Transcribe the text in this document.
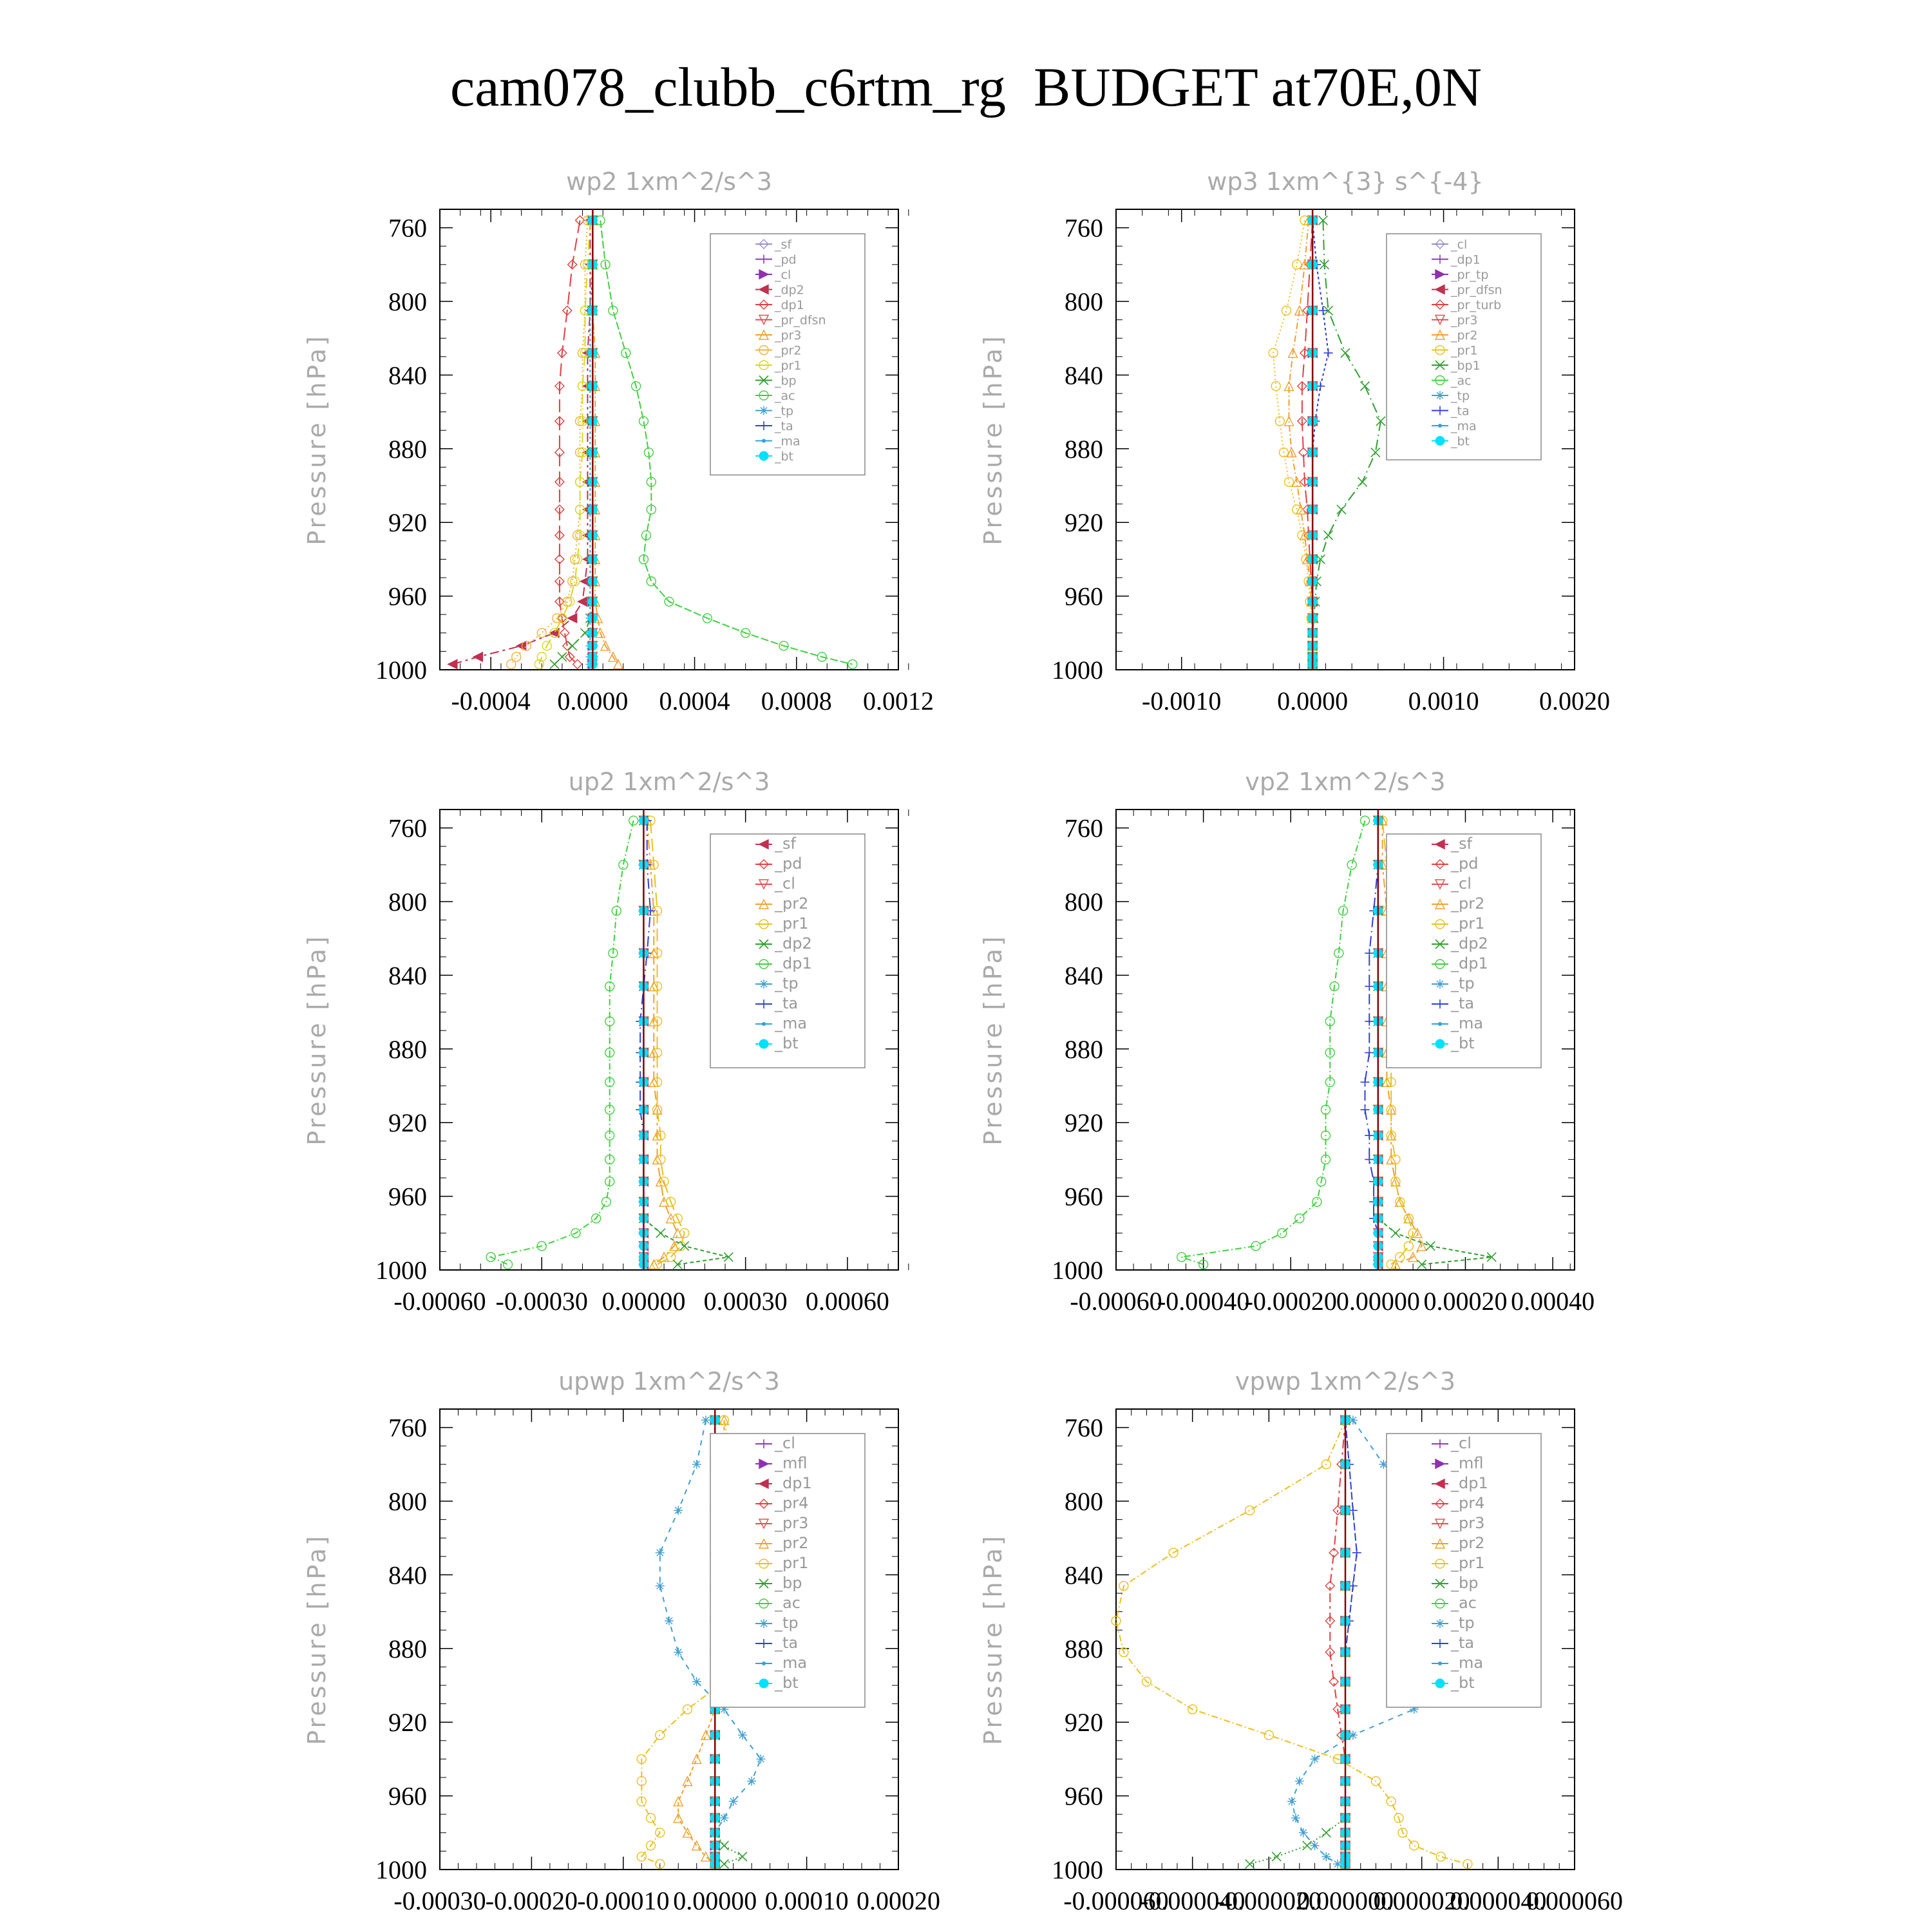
cam078_clubb_c6rtm_rg  BUDGET at70E,0N
wp2 1xm^2/s^3
Pressure [hPa]
760
800
840
880
920
960
1000
-0.0004 0.0000 0.0004 0.0008 0.0012
_sf
_pd
_cl
_dp2
_dp1
_pr_dfsn
_pr3
_pr2
_pr1
_bp
_ac
_tp
_ta
_ma
_bt
wp3 1xm^{3} s^{-4}
Pressure [hPa]
760
800
840
880
920
960
1000
-0.0010 0.0000 0.0010 0.0020
_cl
_dp1
_pr_tp
_pr_dfsn
_pr_turb
_pr3
_pr2
_pr1
_bp1
_ac
_tp
_ta
_ma
_bt
up2 1xm^2/s^3
Pressure [hPa]
760
800
840
880
920
960
1000
-0.00060 -0.00030 0.00000 0.00030 0.00060
_sf
_pd
_cl
_pr2
_pr1
_dp2
_dp1
_tp
_ta
_ma
_bt
vp2 1xm^2/s^3
Pressure [hPa]
760
800
840
880
920
960
1000
-0.00060
-0.00040
-0.00020
0.00000 0.00020 0.00040
_sf
_pd
_cl
_pr2
_pr1
_dp2
_dp1
_tp
_ta
_ma
_bt
upwp 1xm^2/s^3
Pressure [hPa]
760
800
840
880
920
960
1000
-0.00030 -0.00020 -0.00010 0.00000 0.00010 0.00020
_cl
_mfl
_dp1
_pr4
_pr3
_pr2
_pr1
_bp
_ac
_tp
_ta
_ma
_bt
vpwp 1xm^2/s^3
Pressure [hPa]
760
800
840
880
920
960
1000
-0.000060
-0.000040
-0.000020
0.000000
0.000020
0.000040
0.000060
_cl
_mfl
_dp1
_pr4
_pr3
_pr2
_pr1
_bp
_ac
_tp
_ta
_ma
_bt
